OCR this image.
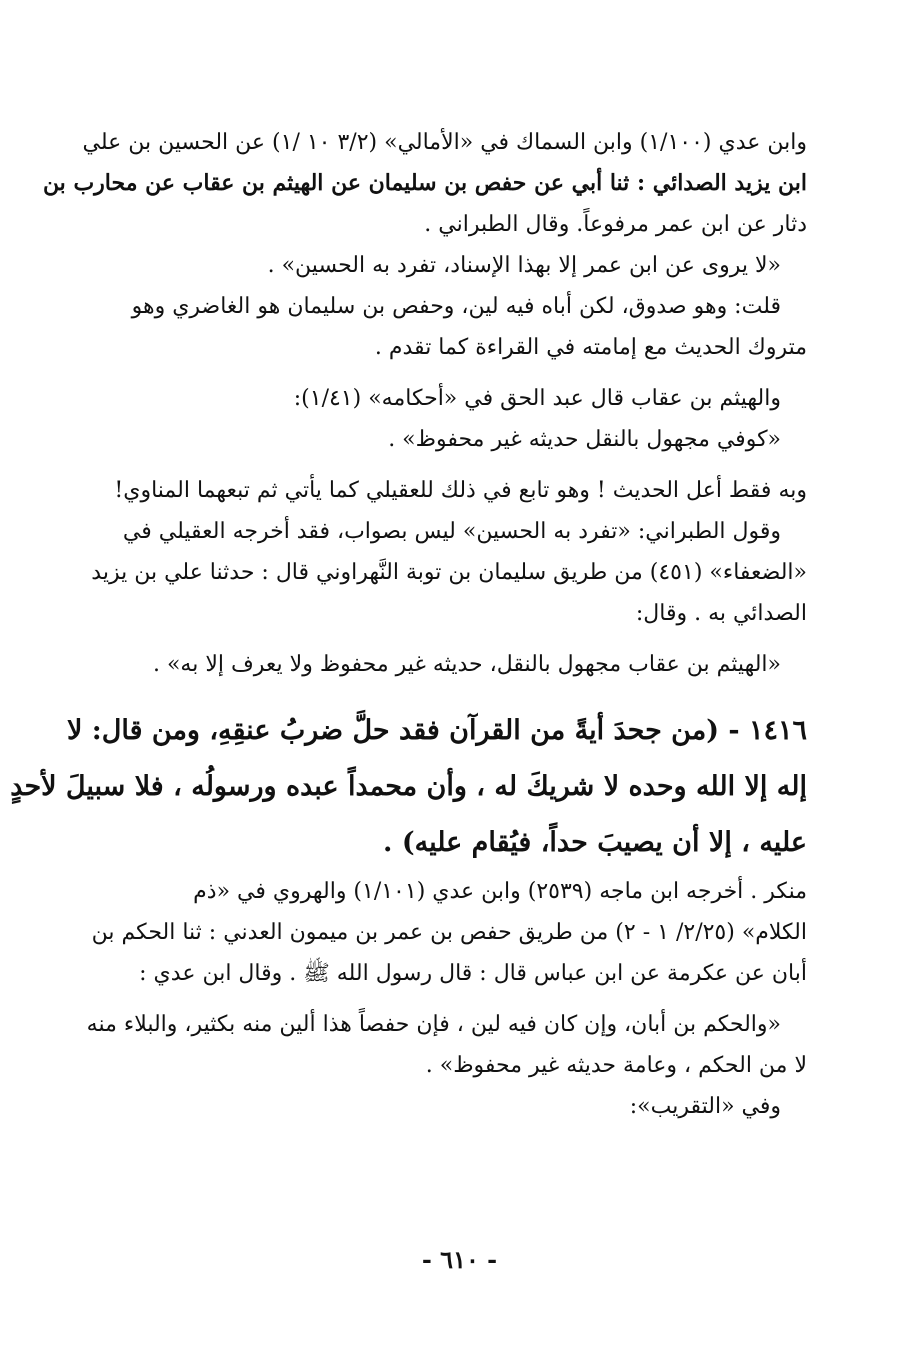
وابن عدي (١/١٠٠) وابن السماك في «الأمالي» (٣/٢ ١٠ /١) عن الحسين بن علي
ابن يزيد الصدائي : ثنا أبي عن حفص بن سليمان عن الهيثم بن عقاب عن محارب بن
دثار عن ابن عمر مرفوعاً. وقال الطبراني .
«لا يروى عن ابن عمر إلا بهذا الإسناد، تفرد به الحسين» .
قلت: وهو صدوق، لكن أباه فيه لين، وحفص بن سليمان هو الغاضري وهو
متروك الحديث مع إمامته في القراءة كما تقدم .
والهيثم بن عقاب قال عبد الحق في «أحكامه» (١/٤١):
«كوفي مجهول بالنقل حديثه غير محفوظ» .
وبه فقط أعل الحديث ! وهو تابع في ذلك للعقيلي كما يأتي ثم تبعهما المناوي!
وقول الطبراني: «تفرد به الحسين» ليس بصواب، فقد أخرجه العقيلي في
«الضعفاء» (٤٥١) من طريق سليمان بن توبة النَّهراوني قال : حدثنا علي بن يزيد
الصدائي به . وقال:
«الهيثم بن عقاب مجهول بالنقل، حديثه غير محفوظ ولا يعرف إلا به» .
١٤١٦ - (من جحدَ أيةً من القرآن فقد حلَّ ضربُ عنقِهِ، ومن قال: لا
إله إلا الله وحده لا شريكَ له ، وأن محمداً عبده ورسولُه ، فلا سبيلَ لأحدٍ
عليه ، إلا أن يصيبَ حداً، فيُقام عليه) .
منكر . أخرجه ابن ماجه (٢٥٣٩) وابن عدي (١/١٠١) والهروي في «ذم
الكلام» (٢/٢٥/ ١ - ٢) من طريق حفص بن عمر بن ميمون العدني : ثنا الحكم بن
أبان عن عكرمة عن ابن عباس قال : قال رسول الله ﷺ . وقال ابن عدي :
«والحكم بن أبان، وإن كان فيه لين ، فإن حفصاً هذا ألين منه بكثير، والبلاء منه
لا من الحكم ، وعامة حديثه غير محفوظ» .
وفي «التقريب»:
- ٦١٠ -
